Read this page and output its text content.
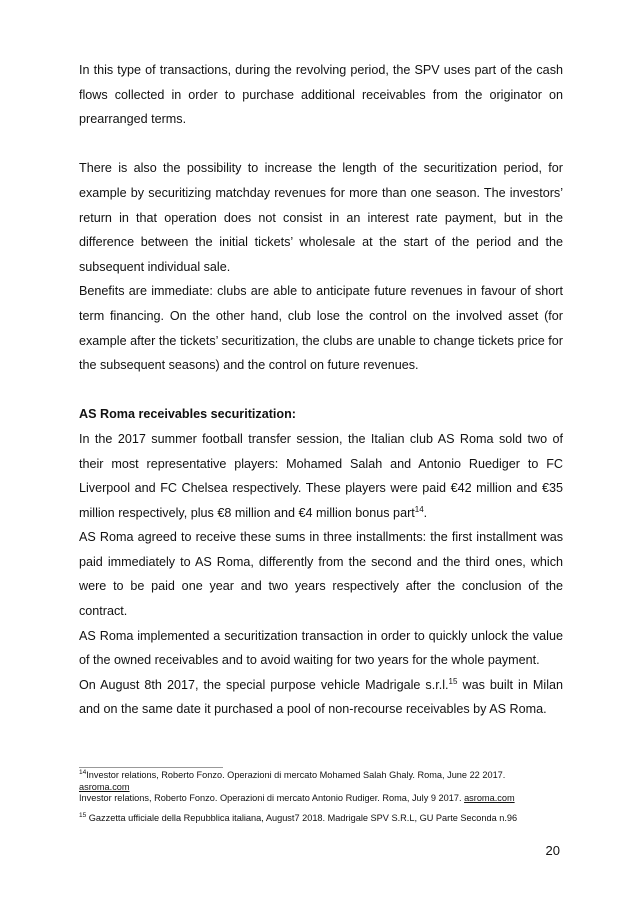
In this type of transactions, during the revolving period, the SPV uses part of the cash flows collected in order to purchase additional receivables from the originator on prearranged terms.

There is also the possibility to increase the length of the securitization period, for example by securitizing matchday revenues for more than one season. The investors’ return in that operation does not consist in an interest rate payment, but in the difference between the initial tickets’ wholesale at the start of the period and the subsequent individual sale.

Benefits are immediate: clubs are able to anticipate future revenues in favour of short term financing. On the other hand, club lose the control on the involved asset (for example after the tickets’ securitization, the clubs are unable to change tickets price for the subsequent seasons) and the control on future revenues.

AS Roma receivables securitization:

In the 2017 summer football transfer session, the Italian club AS Roma sold two of their most representative players: Mohamed Salah and Antonio Ruediger to FC Liverpool and FC Chelsea respectively. These players were paid €42 million and €35 million respectively, plus €8 million and €4 million bonus part$^{14}$.

AS Roma agreed to receive these sums in three installments: the first installment was paid immediately to AS Roma, differently from the second and the third ones, which were to be paid one year and two years respectively after the conclusion of the contract.

AS Roma implemented a securitization transaction in order to quickly unlock the value of the owned receivables and to avoid waiting for two years for the whole payment.

On August 8th 2017, the special purpose vehicle Madrigale s.r.l.$^{15}$ was built in Milan and on the same date it purchased a pool of non-recourse receivables by AS Roma.

$^{14}$Investor relations, Roberto Fonzo. Operazioni di mercato Mohamed Salah Ghaly. Roma, June 22 2017.
asroma.com
Investor relations, Roberto Fonzo. Operazioni di mercato Antonio Rudiger. Roma, July 9 2017. asroma.com

$^{15}$ Gazzetta ufficiale della Repubblica italiana, August7 2018. Madrigale SPV S.R.L, GU Parte Seconda n.96

20
